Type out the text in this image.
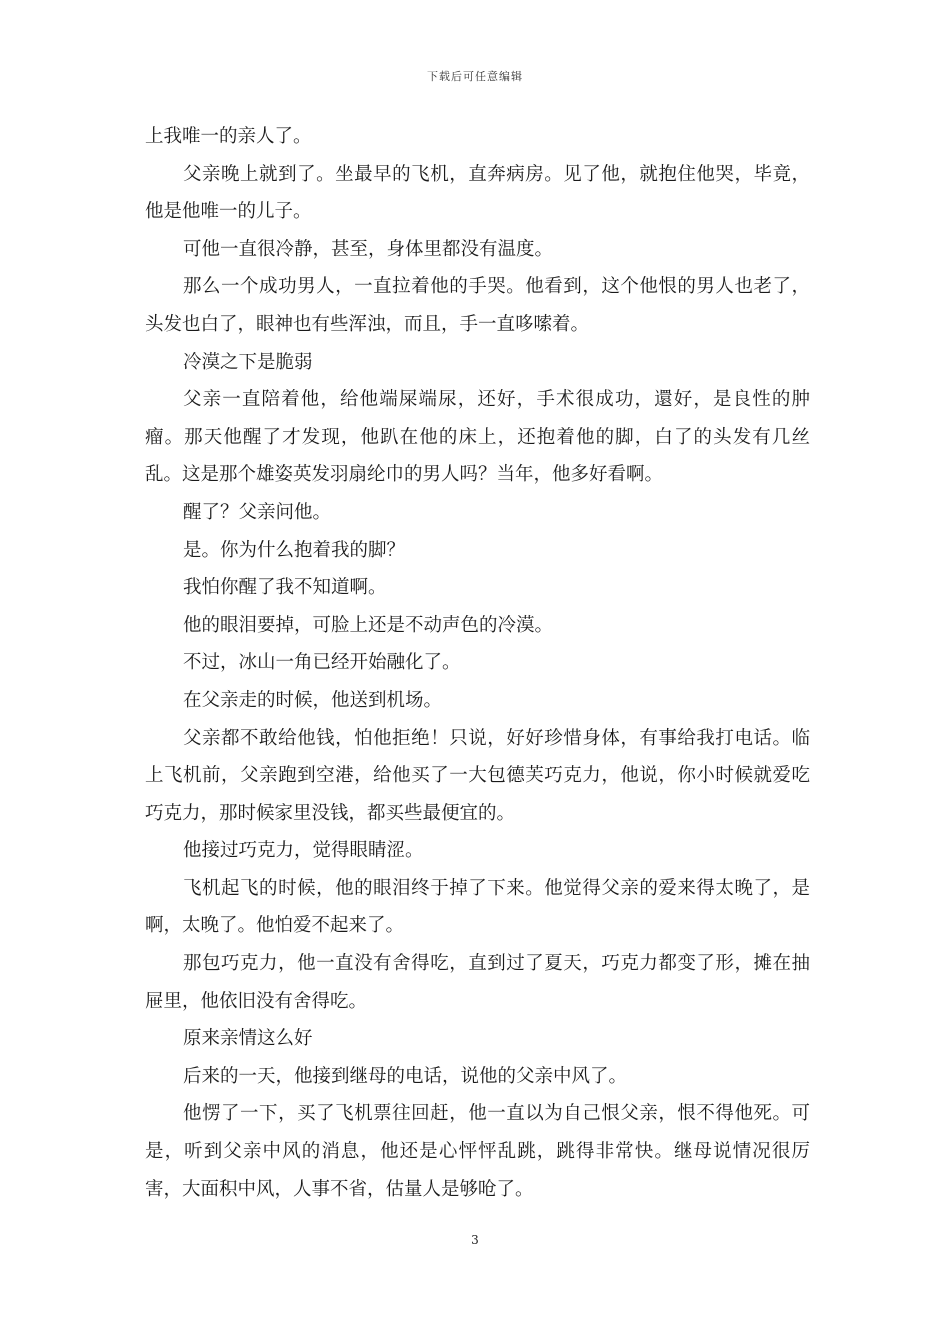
下载后可任意编辑

上我唯一的亲人了。

父亲晚上就到了。坐最早的飞机，直奔病房。见了他，就抱住他哭，毕竟，他是他唯一的儿子。

可他一直很冷静，甚至，身体里都没有温度。

那么一个成功男人，一直拉着他的手哭。他看到，这个他恨的男人也老了，头发也白了，眼神也有些浑浊，而且，手一直哆嗦着。

冷漠之下是脆弱

父亲一直陪着他，给他端屎端尿，还好，手术很成功，還好，是良性的肿瘤。那天他醒了才发现，他趴在他的床上，还抱着他的脚，白了的头发有几丝乱。这是那个雄姿英发羽扇纶巾的男人吗？当年，他多好看啊。

醒了？父亲问他。

是。你为什么抱着我的脚？

我怕你醒了我不知道啊。

他的眼泪要掉，可脸上还是不动声色的冷漠。

不过，冰山一角已经开始融化了。

在父亲走的时候，他送到机场。

父亲都不敢给他钱，怕他拒绝！只说，好好珍惜身体，有事给我打电话。临上飞机前，父亲跑到空港，给他买了一大包德芙巧克力，他说，你小时候就爱吃巧克力，那时候家里没钱，都买些最便宜的。

他接过巧克力，觉得眼睛涩。

飞机起飞的时候，他的眼泪终于掉了下来。他觉得父亲的爱来得太晚了，是啊，太晚了。他怕爱不起来了。

那包巧克力，他一直没有舍得吃，直到过了夏天，巧克力都变了形，摊在抽屉里，他依旧没有舍得吃。

原来亲情这么好

后来的一天，他接到继母的电话，说他的父亲中风了。

他愣了一下，买了飞机票往回赶，他一直以为自己恨父亲，恨不得他死。可是，听到父亲中风的消息，他还是心怦怦乱跳，跳得非常快。继母说情况很厉害，大面积中风，人事不省，估量人是够呛了。

3
